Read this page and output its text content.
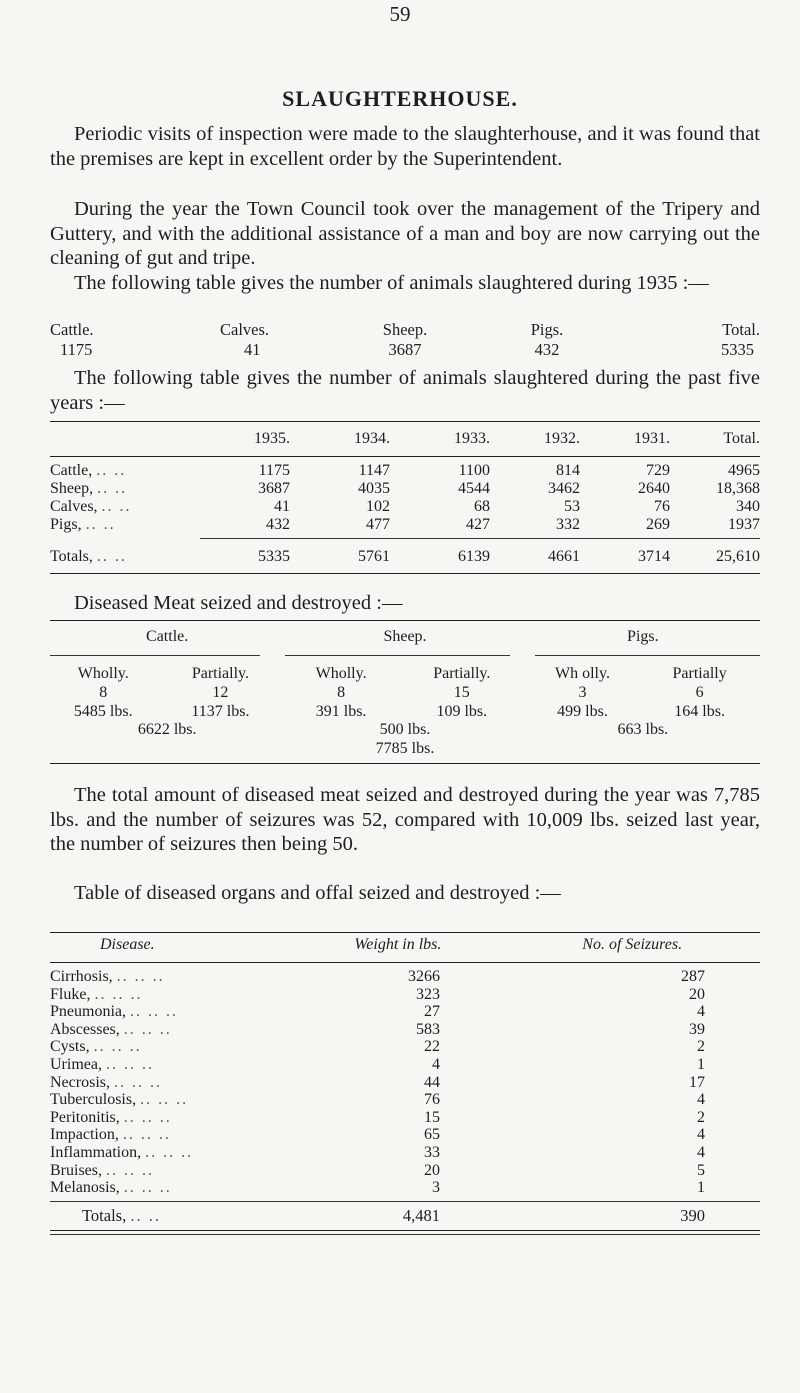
59
SLAUGHTERHOUSE.

Periodic visits of inspection were made to the slaughterhouse, and it was found that the premises are kept in excellent order by the Superintendent.

During the year the Town Council took over the management of the Tripery and Guttery, and with the additional assistance of a man and boy are now carrying out the cleaning of gut and tripe.

The following table gives the number of animals slaughtered during 1935 :—

Cattle.	Calves.	Sheep.	Pigs.	Total.
1175	41	3687	432	5335

The following table gives the number of animals slaughtered during the past five years :—

	1935.	1934.	1933.	1932.	1931.	Total.
Cattle, .. ..	1175	1147	1100	814	729	4965
Sheep, .. ..	3687	4035	4544	3462	2640	18,368
Calves, .. ..	41	102	68	53	76	340
Pigs, .. ..	432	477	427	332	269	1937
Totals, .. ..	5335	5761	6139	4661	3714	25,610

Diseased Meat seized and destroyed :—

Cattle.	Sheep.	Pigs.
Wholly.	Partially.	Wholly.	Partially.	Wh olly.	Partially
8	12	8	15	3	6
5485 lbs.	1137 lbs.	391 lbs.	109 lbs.	499 lbs.	164 lbs.
6622 lbs.	500 lbs.	663 lbs.
	7785 lbs.	

The total amount of diseased meat seized and destroyed during the year was 7,785 lbs. and the number of seizures was 52, compared with 10,009 lbs. seized last year, the number of seizures then being 50.

Table of diseased organs and offal seized and destroyed :—

Disease.	Weight in lbs.	No. of Seizures.
Cirrhosis, .. .. ..	3266	287
Fluke, .. .. ..	323	20
Pneumonia, .. .. ..	27	4
Abscesses, .. .. ..	583	39
Cysts, .. .. ..	22	2
Urimea, .. .. ..	4	1
Necrosis, .. .. ..	44	17
Tuberculosis, .. .. ..	76	4
Peritonitis, .. .. ..	15	2
Impaction, .. .. ..	65	4
Inflammation, .. .. ..	33	4
Bruises, .. .. ..	20	5
Melanosis, .. .. ..	3	1
Totals, .. ..	4,481	390
